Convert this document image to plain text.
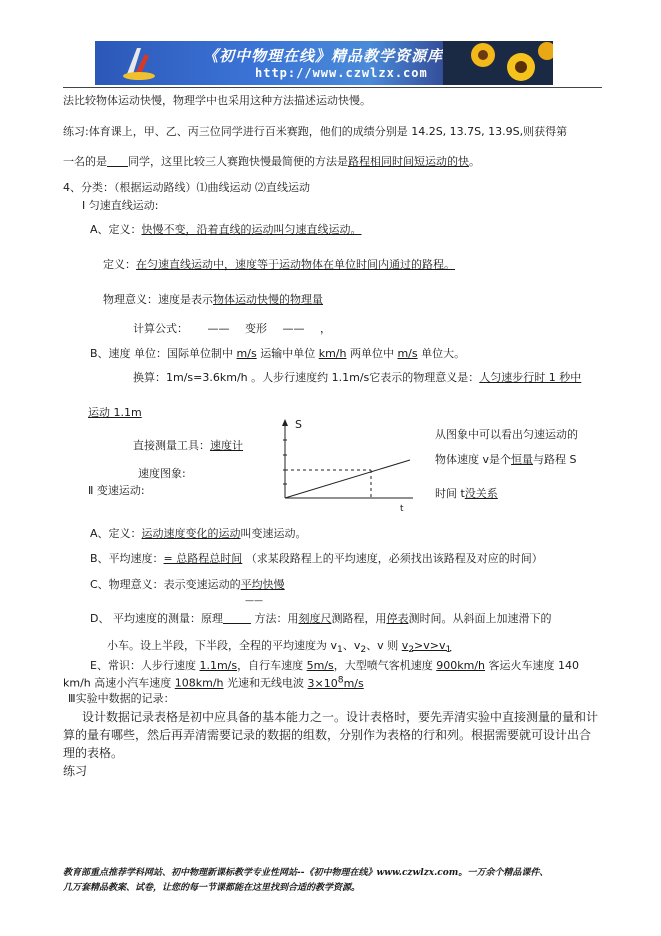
《初中物理在线》精品教学资源库
http://www.czwlzx.com
法比较物体运动快慢，物理学中也采用这种方法描述运动快慢。
练习:体育课上，甲、乙、丙三位同学进行百米赛跑，他们的成绩分别是 14.2S, 13.7S, 13.9S,则获得第
一名的是 同学，这里比较三人赛跑快慢最简便的方法是路程相同时间短运动的快。
4、分类：（根据运动路线）⑴曲线运动 ⑵直线运动
Ⅰ 匀速直线运动:
A、定义：快慢不变，沿着直线的运动叫匀速直线运动。
定义：在匀速直线运动中，速度等于运动物体在单位时间内通过的路程。
物理意义：速度是表示物体运动快慢的物理量
计算公式： —— 变形 —— ，
B、速度 单位：国际单位制中 m/s 运输中单位 km/h 两单位中 m/s 单位大。
换算：1m/s=3.6km/h 。人步行速度约 1.1m/s它表示的物理意义是：人匀速步行时 1 秒中
运动 1.1m
直接测量工具：速度计
速度图象:
Ⅱ 变速运动:
S
t
从图象中可以看出匀速运动的
物体速度 v是个恒量与路程 S
时间 t没关系
A、定义：运动速度变化的运动叫变速运动。
B、平均速度：= 总路程总时间 （求某段路程上的平均速度，必须找出该路程及对应的时间）
C、物理意义：表示变速运动的平均快慢
——
D、 平均速度的测量：原理	方法：用刻度尺测路程，用停表测时间。从斜面上加速滑下的
小车。设上半段，下半段，全程的平均速度为 $v_1$、$v_2$、v 则 $v_2>v>v_1$
E、常识：人步行速度 1.1m/s，自行车速度 5m/s，大型喷气客机速度 900km/h 客运火车速度 140
km/h 高速小汽车速度 108km/h 光速和无线电波 $3\times 10^8m/s$
Ⅲ实验中数据的记录：
设计数据记录表格是初中应具备的基本能力之一。设计表格时，要先弄清实验中直接测量的量和计
算的量有哪些，然后再弄清需要记录的数据的组数，分别作为表格的行和列。根据需要就可设计出合
理的表格。
练习
教育部重点推荐学科网站、初中物理新课标教学专业性网站--《初中物理在线》www.czwlzx.com。一万余个精品课件、
几万套精品教案、试卷，让您的每一节课都能在这里找到合适的教学资源。
